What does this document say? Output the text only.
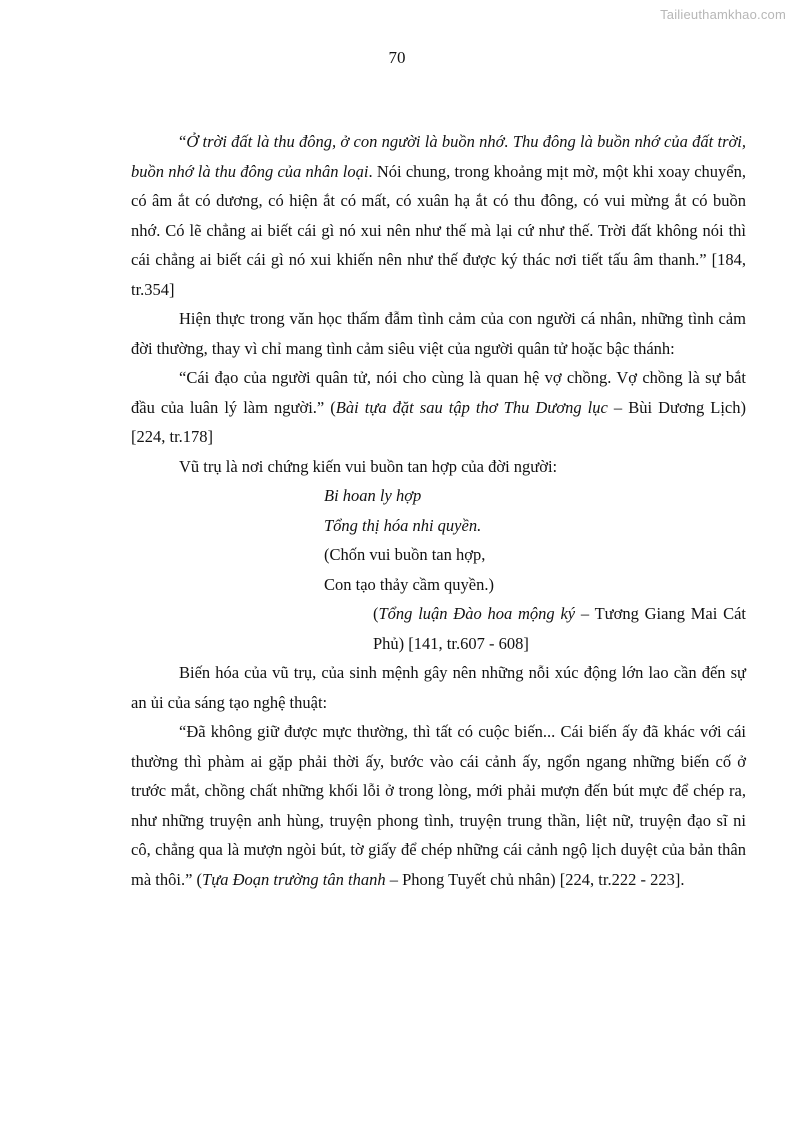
Tailieuthamkhao.com
70

“Ở trời đất là thu đông, ở con người là buồn nhớ. Thu đông là buồn nhớ của đất trời, buồn nhớ là thu đông của nhân loại. Nói chung, trong khoảng mịt mờ, một khi xoay chuyển, có âm ắt có dương, có hiện ắt có mất, có xuân hạ ắt có thu đông, có vui mừng ắt có buồn nhớ. Có lẽ chẳng ai biết cái gì nó xui nên như thế mà lại cứ như thế. Trời đất không nói thì cái chẳng ai biết cái gì nó xui khiến nên như thế được ký thác nơi tiết tấu âm thanh.” [184, tr.354]

Hiện thực trong văn học thấm đẫm tình cảm của con người cá nhân, những tình cảm đời thường, thay vì chỉ mang tình cảm siêu việt của người quân tử hoặc bậc thánh:

“Cái đạo của người quân tử, nói cho cùng là quan hệ vợ chồng. Vợ chồng là sự bắt đầu của luân lý làm người.” (Bài tựa đặt sau tập thơ Thu Dương lục – Bùi Dương Lịch) [224, tr.178]

Vũ trụ là nơi chứng kiến vui buồn tan hợp của đời người:

Bi hoan ly hợp

Tổng thị hóa nhi quyền.

(Chốn vui buồn tan hợp,

Con tạo thảy cầm quyền.)

(Tổng luận Đào hoa mộng ký – Tương Giang Mai Cát Phủ) [141, tr.607 - 608]

Biến hóa của vũ trụ, của sinh mệnh gây nên những nỗi xúc động lớn lao cần đến sự an ủi của sáng tạo nghệ thuật:

“Đã không giữ được mực thường, thì tất có cuộc biến... Cái biến ấy đã khác với cái thường thì phàm ai gặp phải thời ấy, bước vào cái cảnh ấy, ngổn ngang những biến cố ở trước mắt, chồng chất những khối lỗi ở trong lòng, mới phải mượn đến bút mực để chép ra, như những truyện anh hùng, truyện phong tình, truyện trung thần, liệt nữ, truyện đạo sĩ ni cô, chẳng qua là mượn ngòi bút, tờ giấy để chép những cái cảnh ngộ lịch duyệt của bản thân mà thôi.” (Tựa Đoạn trường tân thanh – Phong Tuyết chủ nhân) [224, tr.222 - 223].
